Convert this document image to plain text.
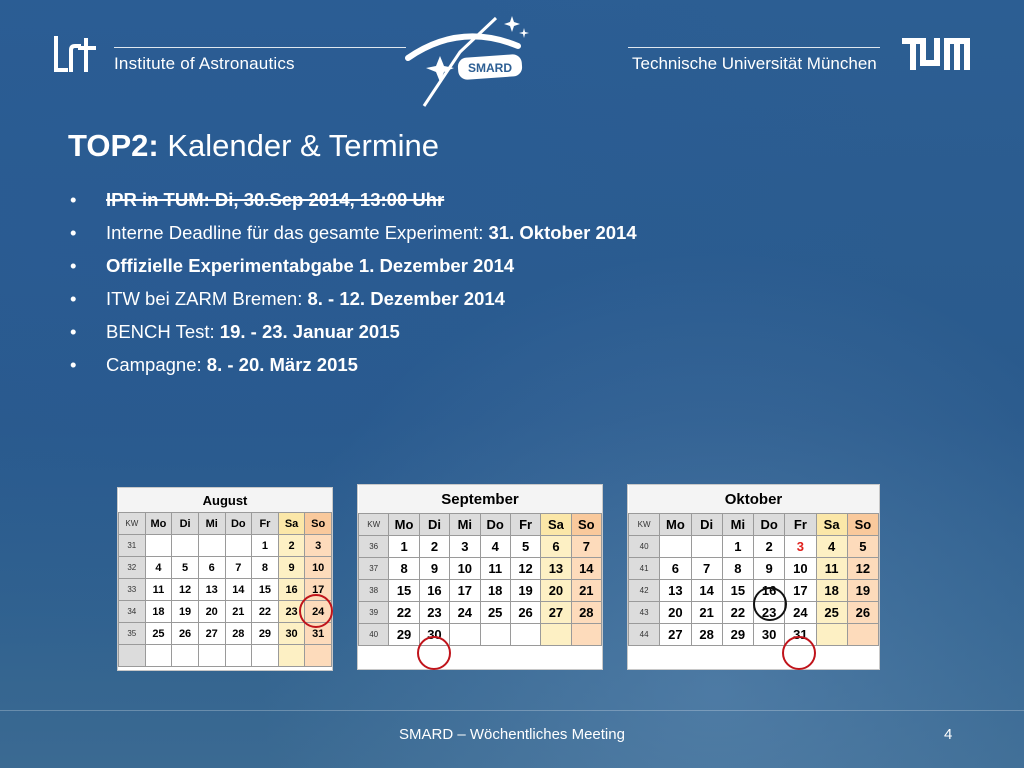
Institute of Astronautics	SMARD	Technische Universität München
TOP2: Kalender & Termine
• IPR in TUM: Di, 30.Sep 2014, 13:00 Uhr
• Interne Deadline für das gesamte Experiment: 31. Oktober 2014
• Offizielle Experimentabgabe 1. Dezember 2014
• ITW bei ZARM Bremen: 8. - 12. Dezember 2014
• BENCH Test: 19. - 23. Januar 2015
• Campagne: 8. - 20. März 2015
August							
KW	Mo	Di	Mi	Do	Fr	Sa	So
31					1	2	3
32	4	5	6	7	8	9	10
33	11	12	13	14	15	16	17
34	18	19	20	21	22	23	24
35	25	26	27	28	29	30	31

September							
KW	Mo	Di	Mi	Do	Fr	Sa	So
36	1	2	3	4	5	6	7
37	8	9	10	11	12	13	14
38	15	16	17	18	19	20	21
39	22	23	24	25	26	27	28
40	29	30					
Oktober							
KW	Mo	Di	Mi	Do	Fr	Sa	So
40			1	2	3	4	5
41	6	7	8	9	10	11	12
42	13	14	15	16	17	18	19
43	20	21	22	23	24	25	26
44	27	28	29	30	31		
SMARD – Wöchentliches Meeting	4
